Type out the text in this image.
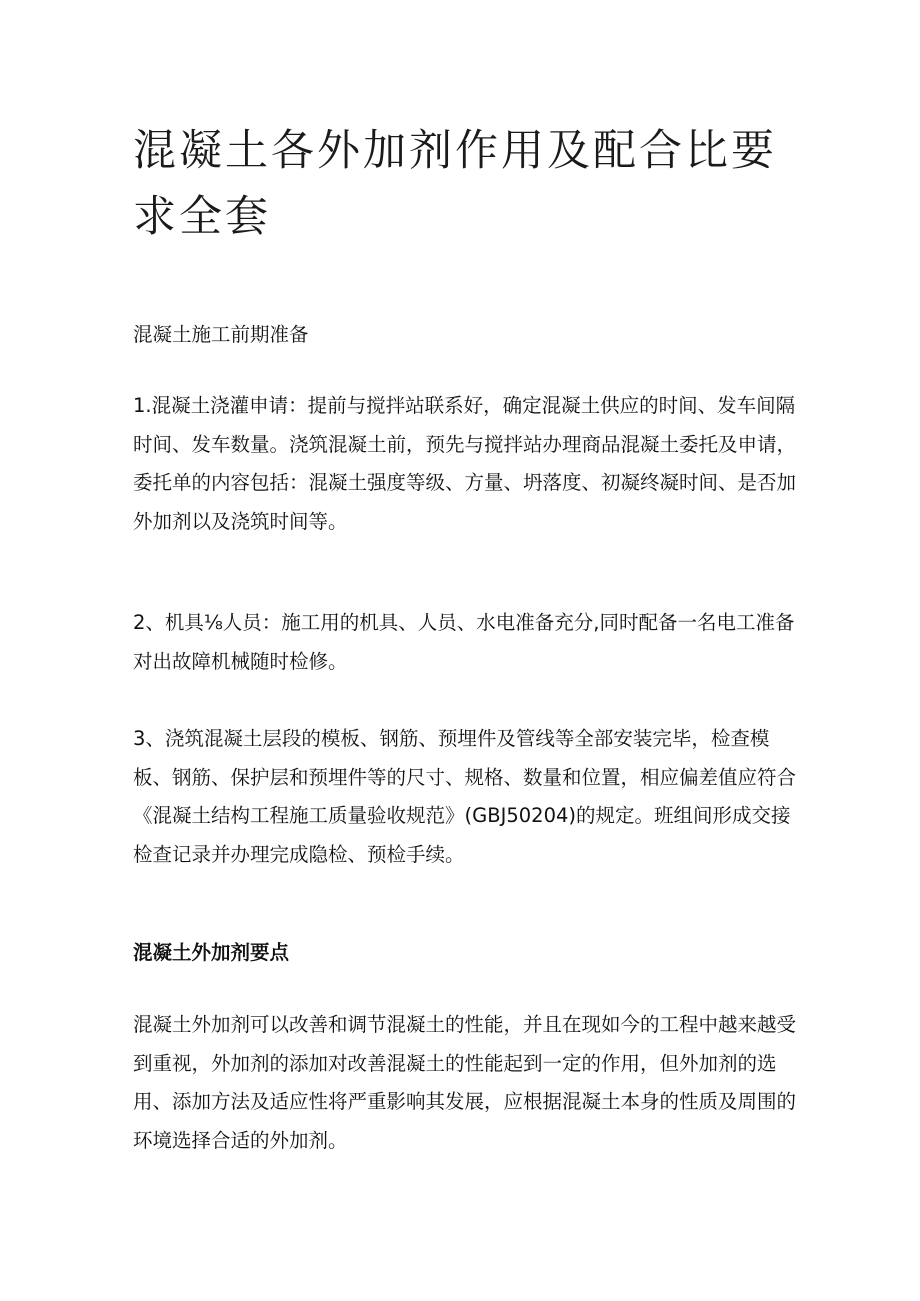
混凝土各外加剂作用及配合比要求全套

混凝土施工前期准备

1.混凝土浇灌申请：提前与搅拌站联系好，确定混凝土供应的时间、发车间隔时间、发车数量。浇筑混凝土前，预先与搅拌站办理商品混凝土委托及申请，委托单的内容包括：混凝土强度等级、方量、坍落度、初凝终凝时间、是否加外加剂以及浇筑时间等。

2、机具⅛人员：施工用的机具、人员、水电准备充分,同时配备一名电工准备对出故障机械随时检修。

3、浇筑混凝土层段的模板、钢筋、预埋件及管线等全部安装完毕，检查模板、钢筋、保护层和预埋件等的尺寸、规格、数量和位置，相应偏差值应符合《混凝土结构工程施工质量验收规范》(GBJ50204)的规定。班组间形成交接检查记录并办理完成隐检、预检手续。

混凝土外加剂要点

混凝土外加剂可以改善和调节混凝土的性能，并且在现如今的工程中越来越受到重视，外加剂的添加对改善混凝土的性能起到一定的作用，但外加剂的选用、添加方法及适应性将严重影响其发展，应根据混凝土本身的性质及周围的环境选择合适的外加剂。
